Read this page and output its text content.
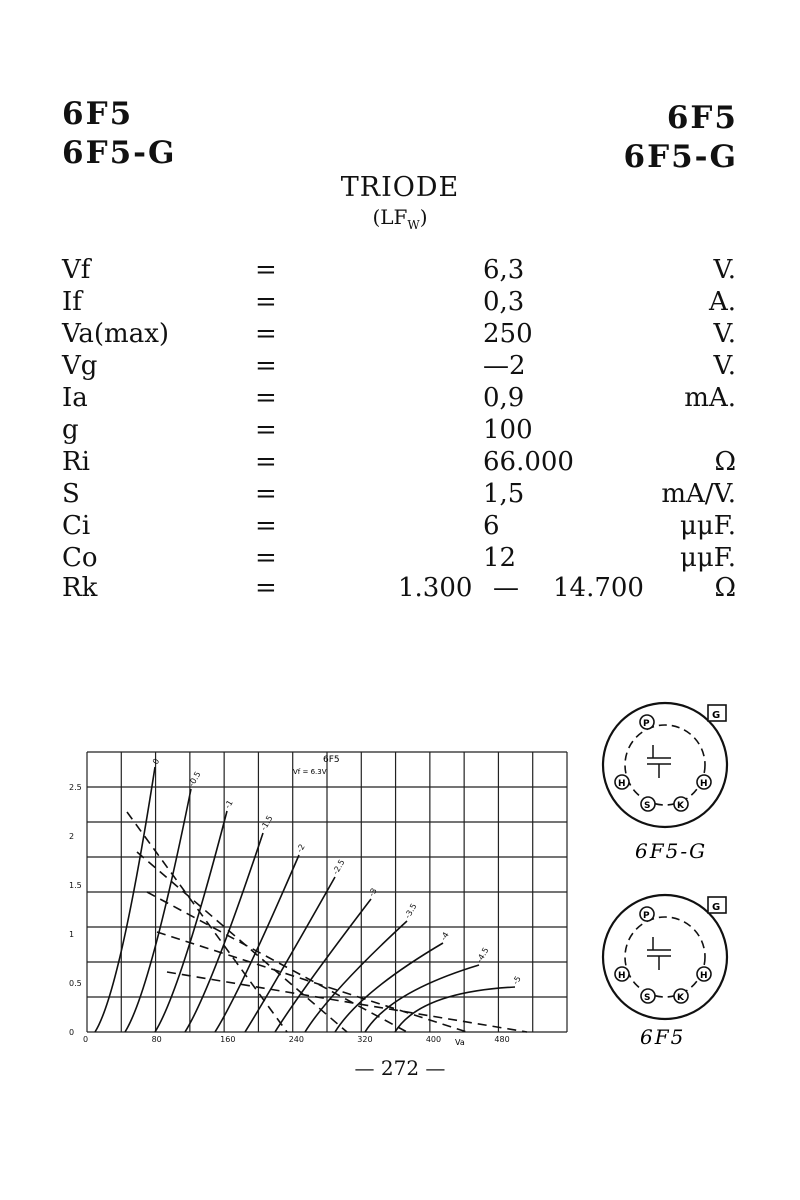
6F5
6F5-G
6F5
6F5-G
TRIODE
$(LF_W)$
Vf	=	6,3	V.
If	=	0,3	A.
Va(max)	=	250	V.
Vg	=	—2	V.
Ia	=	0,9	mA.
g	=	100
Ri	=	66.000	Ω
S	=	1,5	mA/V.
Ci	=	6	μμF.
Co	=	12	μμF.
Rk	=	1.300 — 14.700	Ω
0
-0.5
-1
-1.5
-2
-2.5
-3
-3.5
-4
-4.5
-5
0	80	160	240	320	400	480
0
0.5
1
1.5
2
2.5
6F5
Vf = 6.3V
Va
G
P
H	H
S	K
6F5-G
G
P
H	H
S	K
6F5
— 272 —
